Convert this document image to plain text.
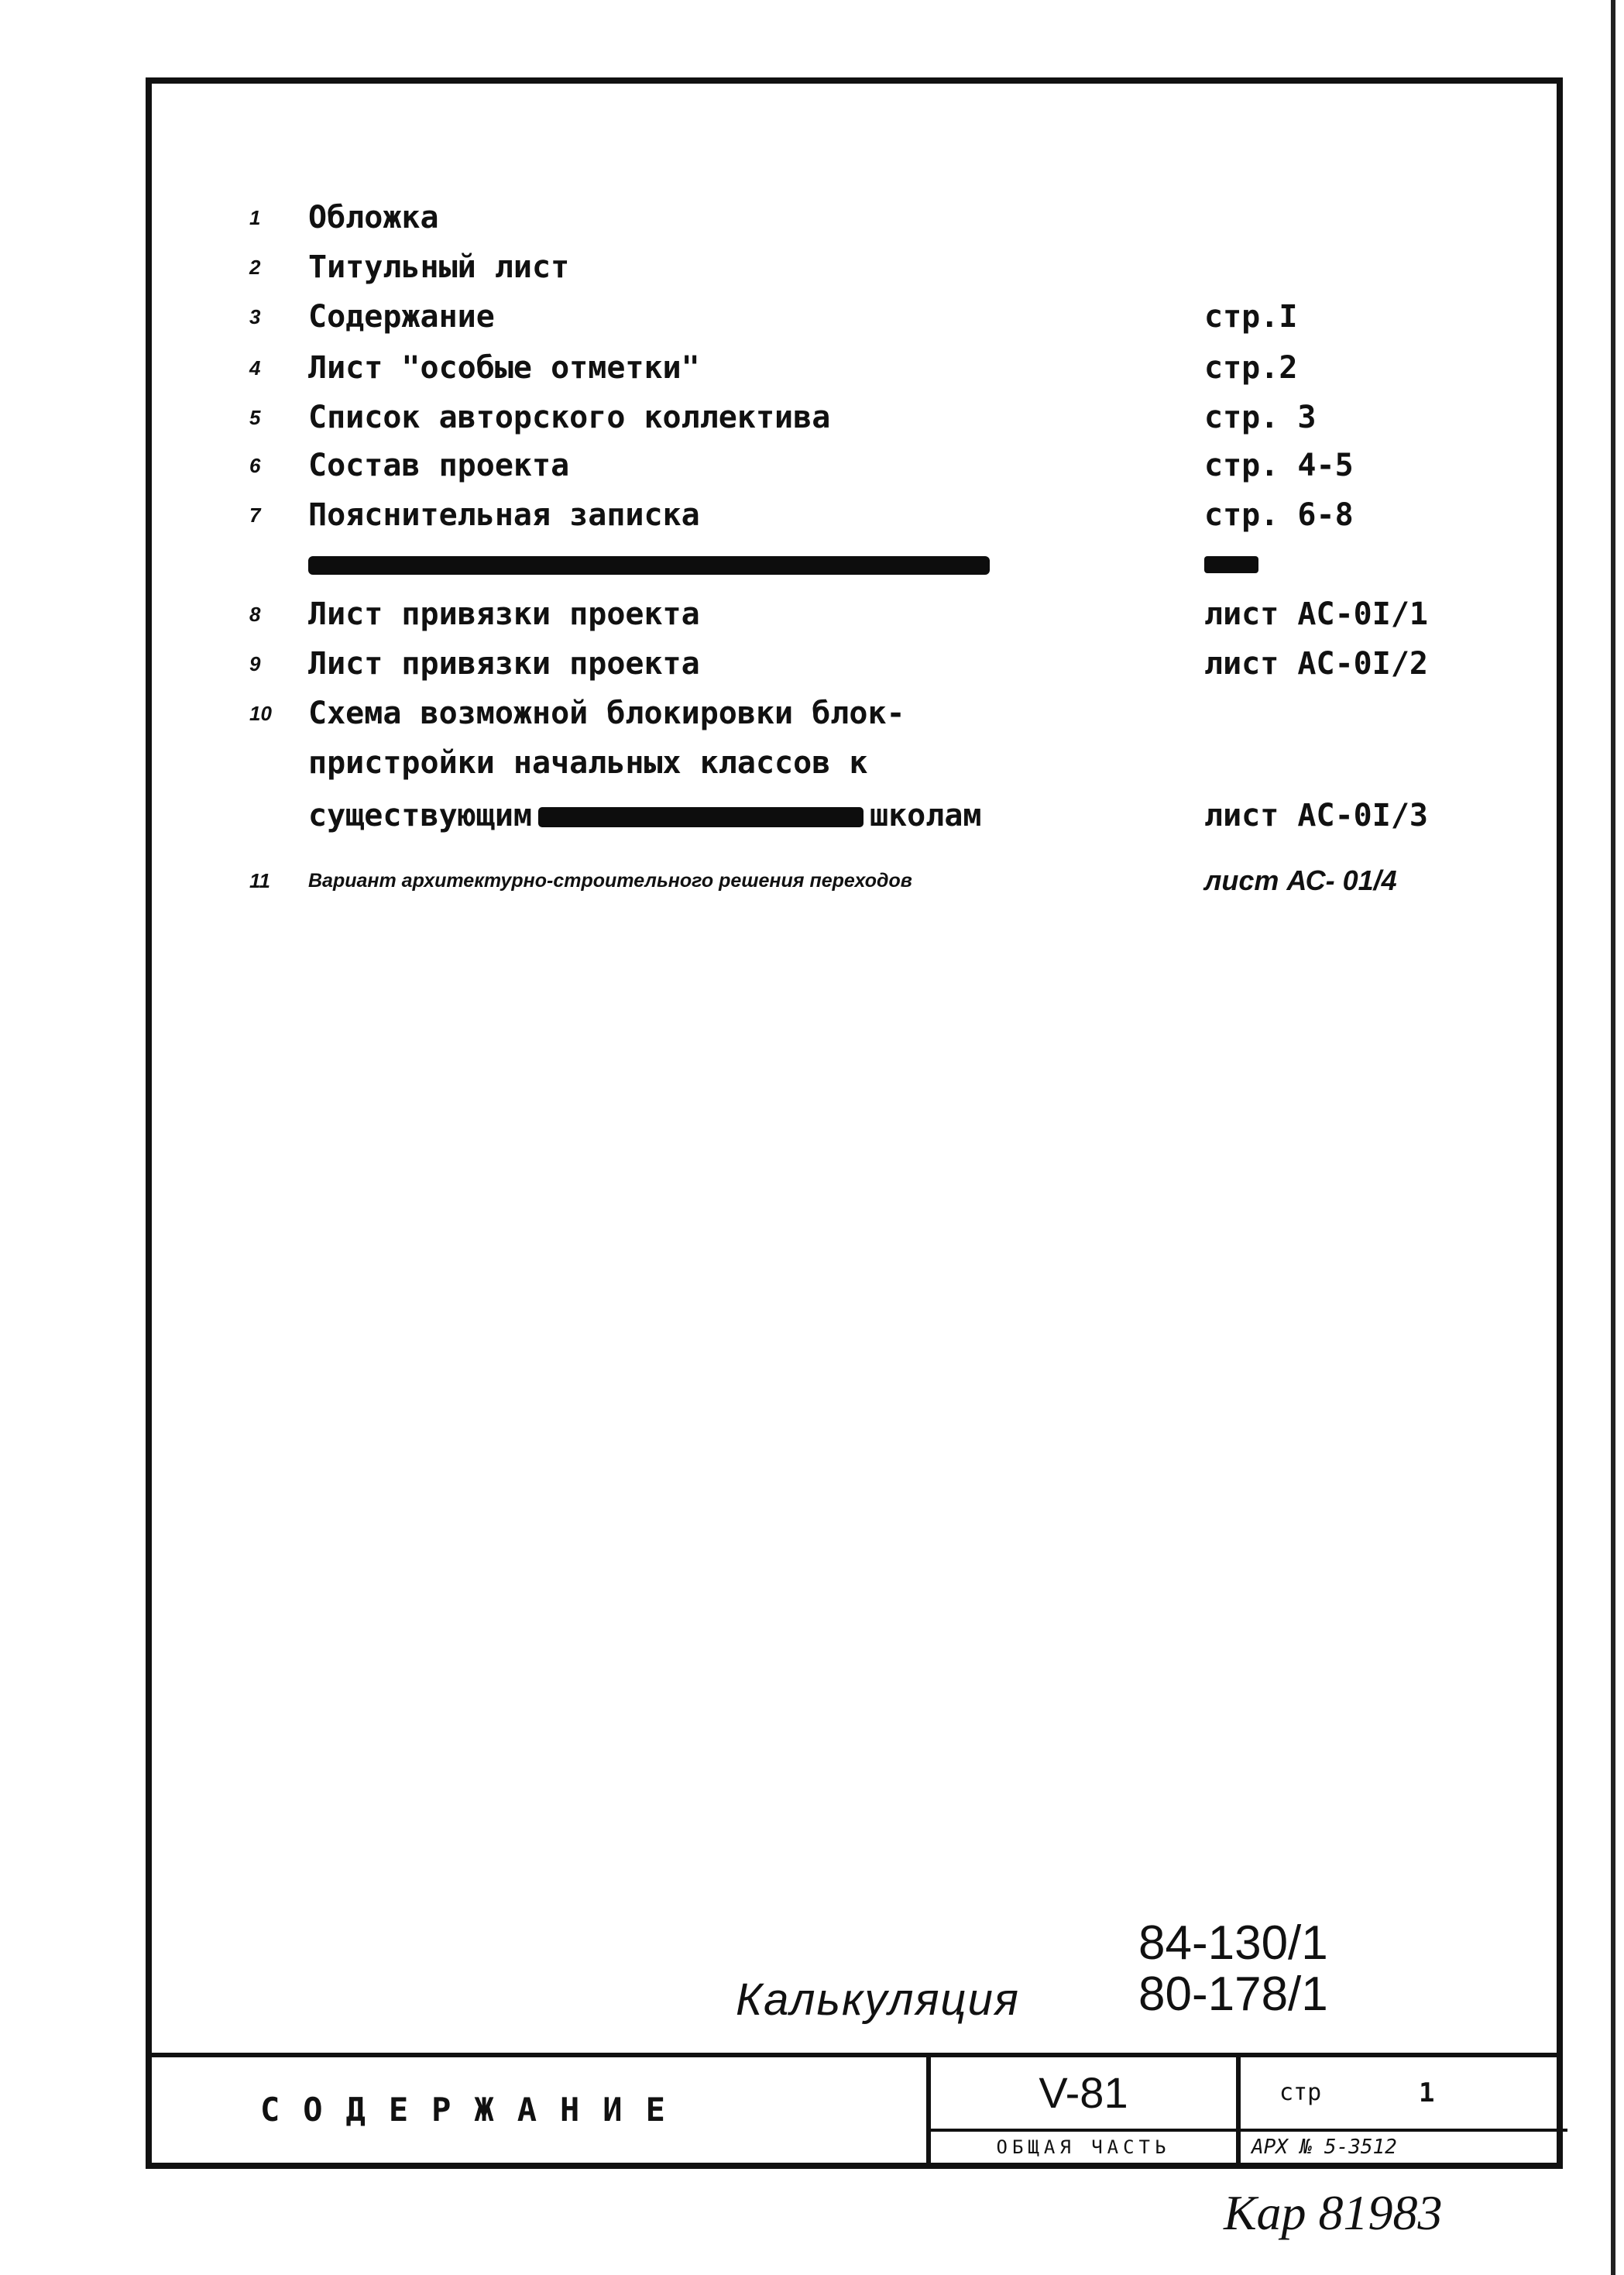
1 Обложка
2 Титульный лист
3 Содержание	стр.I
4 Лист "особые отметки"	стр.2
5 Список авторского коллектива	стр. 3
6 Состав проекта	стр. 4-5
7 Пояснительная записка	стр. 6-8
8 Лист привязки проекта	лист АС-0I/1
9 Лист привязки проекта	лист АС-0I/2
10 Схема возможной блокировки блок-
пристройки начальных классов к
существующим	школам	лист АС-0I/3
11 Вариант архитектурно-строительного решения переходов	лист АС- 01/4
84-130/1
80-178/1
Калькуляция
СОДЕРЖАНИЕ	V-81
ОБЩАЯ ЧАСТЬ
стр	1
АРХ № 5-3512
Кар 81983
